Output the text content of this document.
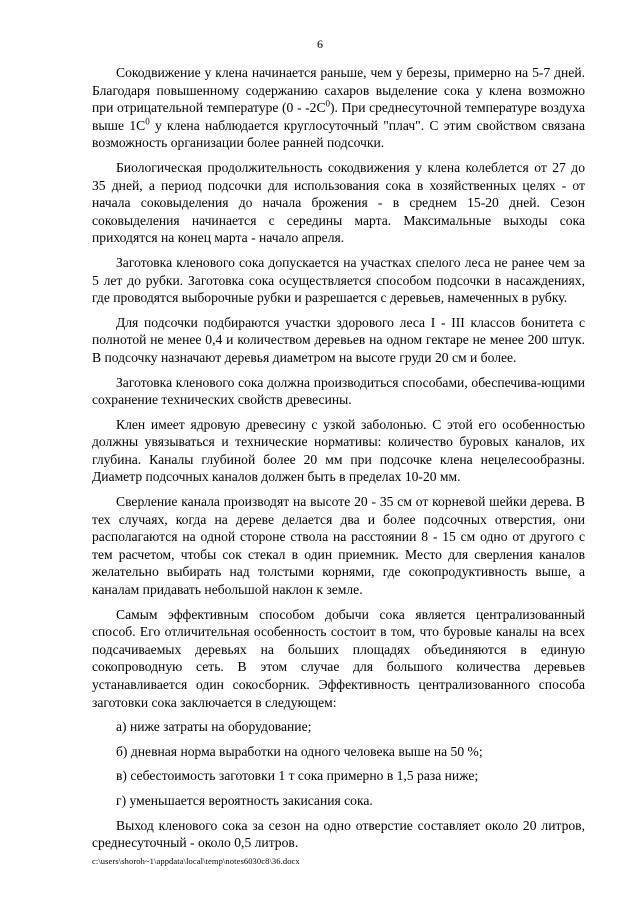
6

Сокодвижение у клена начинается раньше, чем у березы, примерно на 5-7 дней. Благодаря повышенному содержанию сахаров выделение сока у клена возможно при отрицательной температуре $(0 - -2С^0)$. При среднесуточной температуре воздуха выше $1С^0$ у клена наблюдается круглосуточный "плач". С этим свойством связана возможность организации более ранней подсочки.

Биологическая продолжительность сокодвижения у клена колеблется от 27 до 35 дней, а период подсочки для использования сока в хозяйственных целях - от начала соковыделения до начала брожения - в среднем 15-20 дней. Сезон соковыделения начинается с середины марта. Максимальные выходы сока приходятся на конец марта - начало апреля.

Заготовка кленового сока допускается на участках спелого леса не ранее чем за 5 лет до рубки. Заготовка сока осуществляется способом подсочки в насаждениях, где проводятся выборочные рубки и разрешается с деревьев, намеченных в рубку.

Для подсочки подбираются участки здорового леса I - III классов бонитета с полнотой не менее 0,4 и количеством деревьев на одном гектаре не менее 200 штук. В подсочку назначают деревья диаметром на высоте груди 20 см и более.

Заготовка кленового сока должна производиться способами, обеспечива-ющими сохранение технических свойств древесины.

Клен имеет ядровую древесину с узкой заболонью. С этой его особенностью должны увязываться и технические нормативы: количество буровых каналов, их глубина. Каналы глубиной более 20 мм при подсочке клена нецелесообразны. Диаметр подсочных каналов должен быть в пределах 10-20 мм.

Сверление канала производят на высоте 20 - 35 см от корневой шейки дерева. В тех случаях, когда на дереве делается два и более подсочных отверстия, они располагаются на одной стороне ствола на расстоянии 8 - 15 см одно от другого с тем расчетом, чтобы сок стекал в один приемник. Место для сверления каналов желательно выбирать над толстыми корнями, где сокопродуктивность выше, а каналам придавать небольшой наклон к земле.

Самым эффективным способом добычи сока является централизованный способ. Его отличительная особенность состоит в том, что буровые каналы на всех подсачиваемых деревьях на больших площадях объединяются в единую сокопроводную сеть. В этом случае для большого количества деревьев устанавливается один сокосборник. Эффективность централизованного способа заготовки сока заключается в следующем:

а) ниже затраты на оборудование;

б) дневная норма выработки на одного человека выше на 50 %;

в) себестоимость заготовки 1 т сока примерно в 1,5 раза ниже;

г) уменьшается вероятность закисания сока.

Выход кленового сока за сезон на одно отверстие составляет около 20 литров, среднесуточный - около 0,5 литров.

c:\users\shoroh~1\appdata\local\temp\notes6030c8\36.docx
